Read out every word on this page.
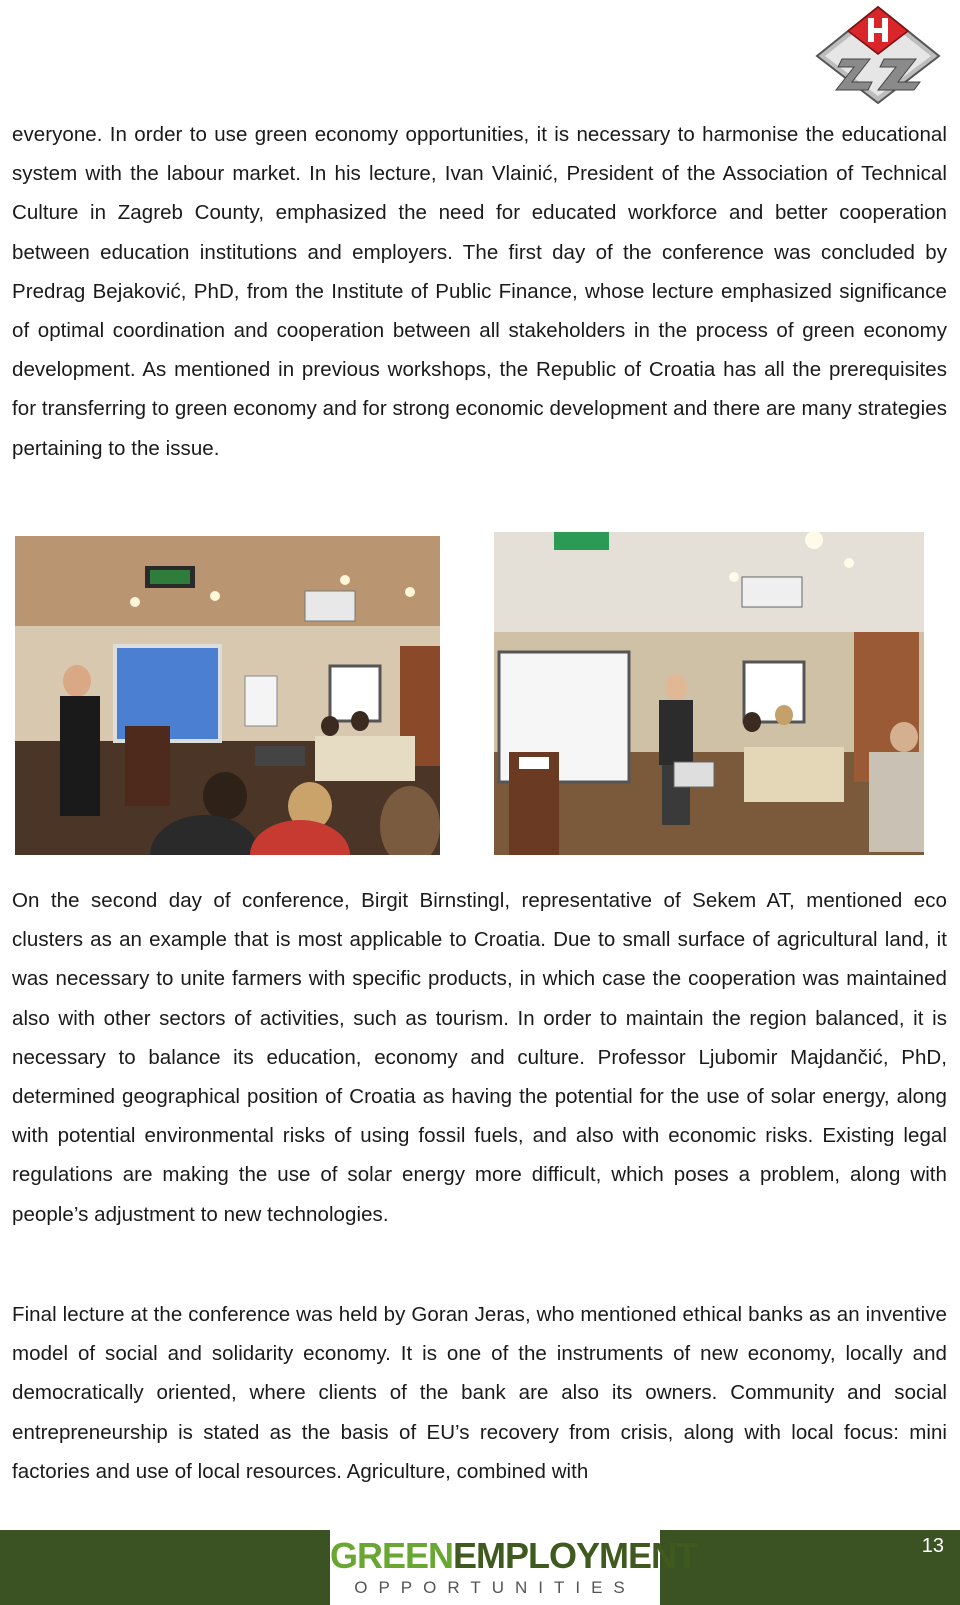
everyone. In order to use green economy opportunities, it is necessary to harmonise the educational system with the labour market. In his lecture, Ivan Vlainić, President of the Association of Technical Culture in Zagreb County, emphasized the need for educated workforce and better cooperation between education institutions and employers. The first day of the conference was concluded by Predrag Bejaković, PhD, from the Institute of Public Finance, whose lecture emphasized significance of optimal coordination and cooperation between all stakeholders in the process of green economy development. As mentioned in previous workshops, the Republic of Croatia has all the prerequisites for transferring to green economy and for strong economic development and there are many strategies pertaining to the issue.

On the second day of conference, Birgit Birnstingl, representative of Sekem AT, mentioned eco clusters as an example that is most applicable to Croatia. Due to small surface of agricultural land, it was necessary to unite farmers with specific products, in which case the cooperation was maintained also with other sectors of activities, such as tourism. In order to maintain the region balanced, it is necessary to balance its education, economy and culture. Professor Ljubomir Majdančić, PhD, determined geographical position of Croatia as having the potential for the use of solar energy, along with potential environmental risks of using fossil fuels, and also with economic risks. Existing legal regulations are making the use of solar energy more difficult, which poses a problem, along with people’s adjustment to new technologies.

Final lecture at the conference was held by Goran Jeras, who mentioned ethical banks as an inventive model of social and solidarity economy. It is one of the instruments of new economy, locally and democratically oriented, where clients of the bank are also its owners. Community and social entrepreneurship is stated as the basis of EU’s recovery from crisis, along with local focus: mini factories and use of local resources. Agriculture, combined with

GREENEMPLOYMENT
OPPORTUNITIES
13
